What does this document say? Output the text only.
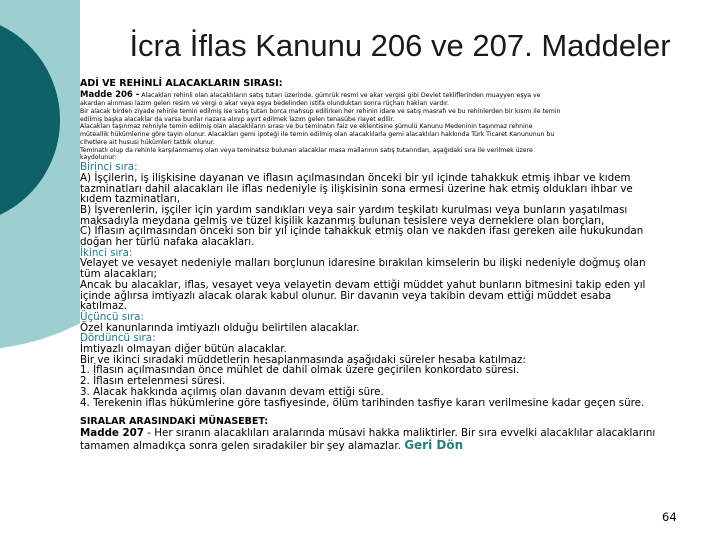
İcra İflas Kanunu 206 ve 207. Maddeler

ADİ VE REHİNLİ ALACAKLARIN SIRASI:

Madde 206 - Alacakları rehinli olan alacaklıların satış tutarı üzerinde, gümrük resmi ve akar vergisi gibi Devlet tekliflerinden muayyen eşya ve

akardan alınması lazım gelen resim ve vergi o akar veya eşya bedelinden istifa olunduktan sonra rüçhan hakları vardır.

Bir alacak birden ziyade rehinle temin edilmiş ise satış tutarı borca mahsup edilirken her rehinin idare ve satış masrafı ve bu rehinlerden bir kısmı ile temin

edilmiş başka alacaklar da varsa bunlar nazara alınıp ayırt edilmek lazım gelen tenasübe riayet edilir.

Alacakları taşınmaz rehniyle temin edilmiş olan alacaklıların sırası ve bu teminatın faiz ve eklentisine şümulü Kanunu Medeninin taşınmaz rehnine

müteallik hükümlerine göre tayin olunur. Alacakları gemi ipoteği ile temin edilmiş olan alacaklılarla gemi alacaklıları hakkında Türk Ticaret Kanununun bu

cihetlere ait hususi hükümleri tatbik olunur.

Teminatlı olup da rehinle karşılanmamış olan veya teminatsız bulunan alacaklar masa mallarının satış tutarından, aşağıdaki sıra ile verilmek üzere

kaydolunur:

Birinci sıra:

A) İşçilerin, iş ilişkisine dayanan ve iflasın açılmasından önceki bir yıl içinde tahakkuk etmiş ihbar ve kıdem

tazminatları dahil alacakları ile iflas nedeniyle iş ilişkisinin sona ermesi üzerine hak etmiş oldukları ihbar ve

kıdem tazminatları,

B) İşverenlerin, işçiler için yardım sandıkları veya sair yardım teşkilatı kurulması veya bunların yaşatılması

maksadıyla meydana gelmiş ve tüzel kişilik kazanmış bulunan tesislere veya derneklere olan borçları,

C) İflasın açılmasından önceki son bir yıl içinde tahakkuk etmiş olan ve nakden ifası gereken aile hukukundan

doğan her türlü nafaka alacakları.

İkinci sıra:

Velayet ve vesayet nedeniyle malları borçlunun idaresine bırakılan kimselerin bu ilişki nedeniyle doğmuş olan

tüm alacakları;

Ancak bu alacaklar, iflas, vesayet veya velayetin devam ettiği müddet yahut bunların bitmesini takip eden yıl

içinde ağlırsa imtiyazlı alacak olarak kabul olunur. Bir davanın veya takibin devam ettiği müddet esaba

katılmaz.

Üçüncü sıra:

Özel kanunlarında imtiyazlı olduğu belirtilen alacaklar.

Dördüncü sıra:

İmtiyazlı olmayan diğer bütün alacaklar.

Bir ve ikinci sıradaki müddetlerin hesaplanmasında aşağıdaki süreler hesaba katılmaz:

1. İflasın açılmasından önce mühlet de dahil olmak üzere geçirilen konkordato süresi.

2. İflasın ertelenmesi süresi.

3. Alacak hakkında açılmış olan davanın devam ettiği süre.

4. Terekenin iflas hükümlerine göre tasfiyesinde, ölüm tarihinden tasfiye kararı verilmesine kadar geçen süre.

SIRALAR ARASINDAKİ MÜNASEBET:

Madde 207 - Her sıranın alacaklıları aralarında müsavi hakka maliktirler. Bir sıra evvelki alacaklılar alacaklarını

tamamen almadıkça sonra gelen sıradakiler bir şey alamazlar. Geri Dön

64
